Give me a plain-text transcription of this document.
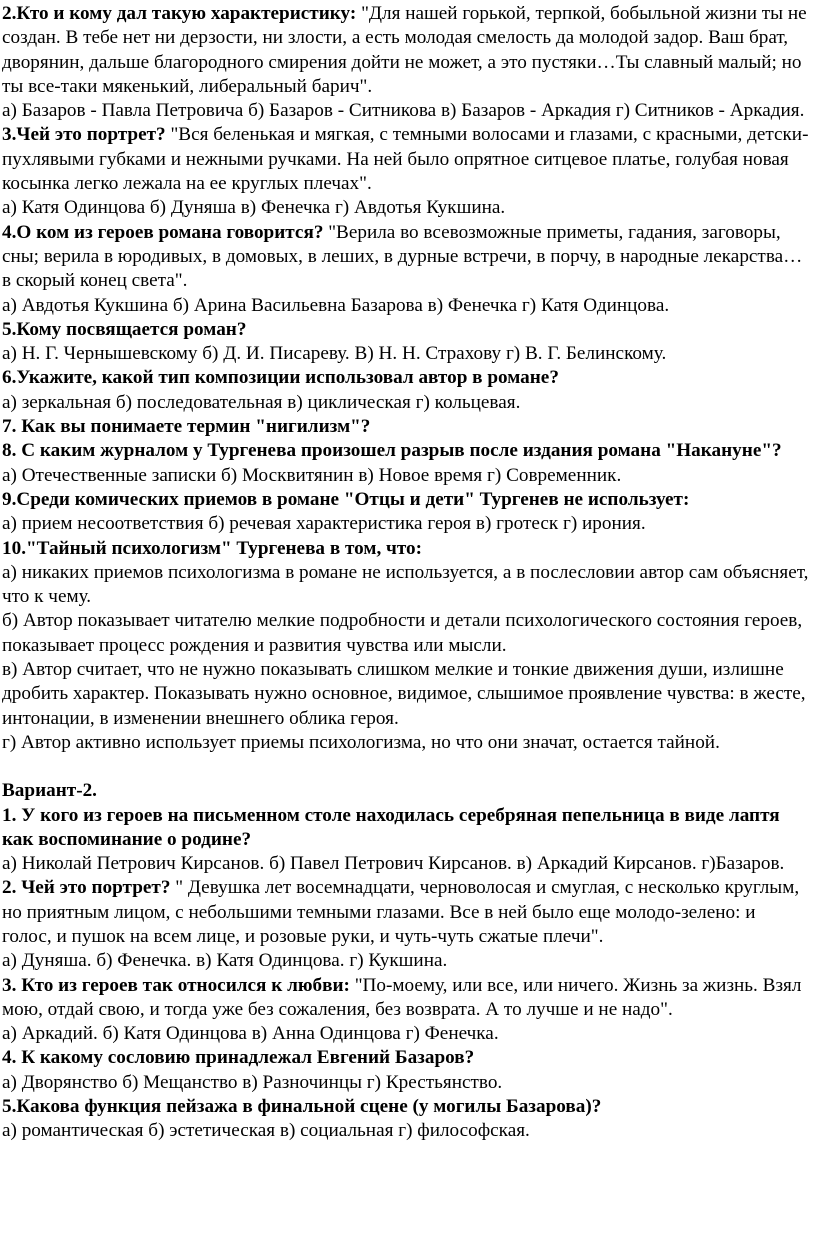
2.Кто и кому дал такую характеристику: "Для нашей горькой, терпкой, бобыльной жизни ты не создан. В тебе нет ни дерзости, ни злости, а есть молодая смелость да молодой задор. Ваш брат, дворянин, дальше благородного смирения дойти не может, а это пустяки…Ты славный малый; но ты все-таки мякенький, либеральный барич".

а) Базаров - Павла Петровича б) Базаров - Ситникова в) Базаров - Аркадия г) Ситников - Аркадия.

3.Чей это портрет? "Вся беленькая и мягкая, с темными волосами и глазами, с красными, детски-пухлявыми губками и нежными ручками. На ней было опрятное ситцевое платье, голубая новая косынка легко лежала на ее круглых плечах".

а) Катя Одинцова б) Дуняша в) Фенечка г) Авдотья Кукшина.

4.О ком из героев романа говорится? "Верила во всевозможные приметы, гадания, заговоры, сны; верила в юродивых, в домовых, в леших, в дурные встречи, в порчу, в народные лекарства…в скорый конец света".

а) Авдотья Кукшина б) Арина Васильевна Базарова в) Фенечка г) Катя Одинцова.

5.Кому посвящается роман?

а) Н. Г. Чернышевскому б) Д. И. Писареву. В) Н. Н. Страхову г) В. Г. Белинскому.

6.Укажите, какой тип композиции использовал автор в романе?

а) зеркальная б) последовательная в) циклическая г) кольцевая.

7. Как вы понимаете термин "нигилизм"?

8. С каким журналом у Тургенева произошел разрыв после издания романа "Накануне"?

а) Отечественные записки б) Москвитянин в) Новое время г) Современник.

9.Среди комических приемов в романе "Отцы и дети" Тургенев не использует:

а) прием несоответствия б) речевая характеристика героя в) гротеск г) ирония.

10."Тайный психологизм" Тургенева в том, что:

а) никаких приемов психологизма в романе не используется, а в послесловии автор сам объясняет, что к чему.

б) Автор показывает читателю мелкие подробности и детали психологического состояния героев, показывает процесс рождения и развития чувства или мысли.

в) Автор считает, что не нужно показывать слишком мелкие и тонкие движения души, излишне дробить характер. Показывать нужно основное, видимое, слышимое проявление чувства: в жесте, интонации, в изменении внешнего облика героя.

г) Автор активно использует приемы психологизма, но что они значат, остается тайной.

Вариант-2.

1. У кого из героев на письменном столе находилась серебряная пепельница в виде лаптя как воспоминание о родине?

а) Николай Петрович Кирсанов. б) Павел Петрович Кирсанов. в) Аркадий Кирсанов. г)Базаров.

2. Чей это портрет? " Девушка лет восемнадцати, черноволосая и смуглая, с несколько круглым, но приятным лицом, с небольшими темными глазами. Все в ней было еще молодо-зелено: и голос, и пушок на всем лице, и розовые руки, и чуть-чуть сжатые плечи".

а) Дуняша. б) Фенечка. в) Катя Одинцова. г) Кукшина.

3. Кто из героев так относился к любви: "По-моему, или все, или ничего. Жизнь за жизнь. Взял мою, отдай свою, и тогда уже без сожаления, без возврата. А то лучше и не надо".

а) Аркадий. б) Катя Одинцова в) Анна Одинцова г) Фенечка.

4. К какому сословию принадлежал Евгений Базаров?

а) Дворянство б) Мещанство в) Разночинцы г) Крестьянство.

5.Какова функция пейзажа в финальной сцене (у могилы Базарова)?

а) романтическая б) эстетическая в) социальная г) философская.
